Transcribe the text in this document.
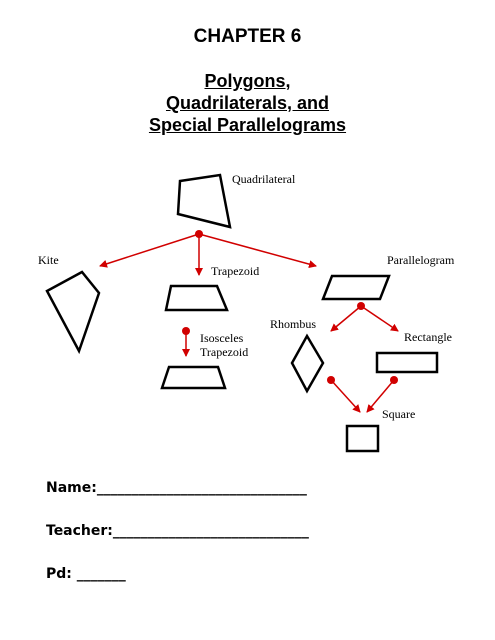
CHAPTER 6
Polygons,
Quadrilaterals, and
Special Parallelograms
Quadrilateral
Kite
Trapezoid
Isosceles
Trapezoid
Parallelogram
Rhombus
Rectangle
Square
Name:______________________________
Teacher:____________________________
Pd: _______
